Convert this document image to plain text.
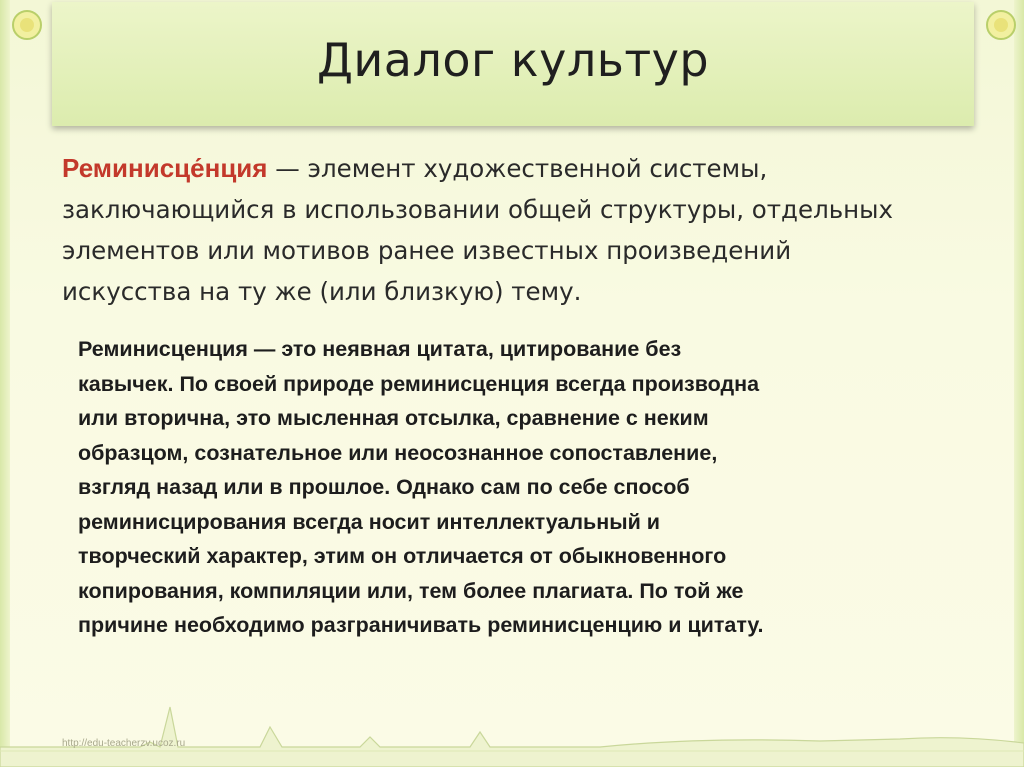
Диалог культур
Реминисце́нция — элемент художественной системы, заключающийся в использовании общей структуры, отдельных элементов или мотивов ранее известных произведений искусства на ту же (или близкую) тему.
Реминисценция — это неявная цитата, цитирование без
кавычек. По своей природе реминисценция всегда производна
или вторична, это мысленная отсылка, сравнение с неким
образцом, сознательное или неосознанное сопоставление,
взгляд назад или в прошлое. Однако сам по себе способ
реминисцирования всегда носит интеллектуальный и
творческий характер, этим он отличается от обыкновенного
копирования, компиляции или, тем более плагиата. По той же
причине необходимо разграничивать реминисценцию и цитату.
http://edu-teacherzv.ucoz.ru
